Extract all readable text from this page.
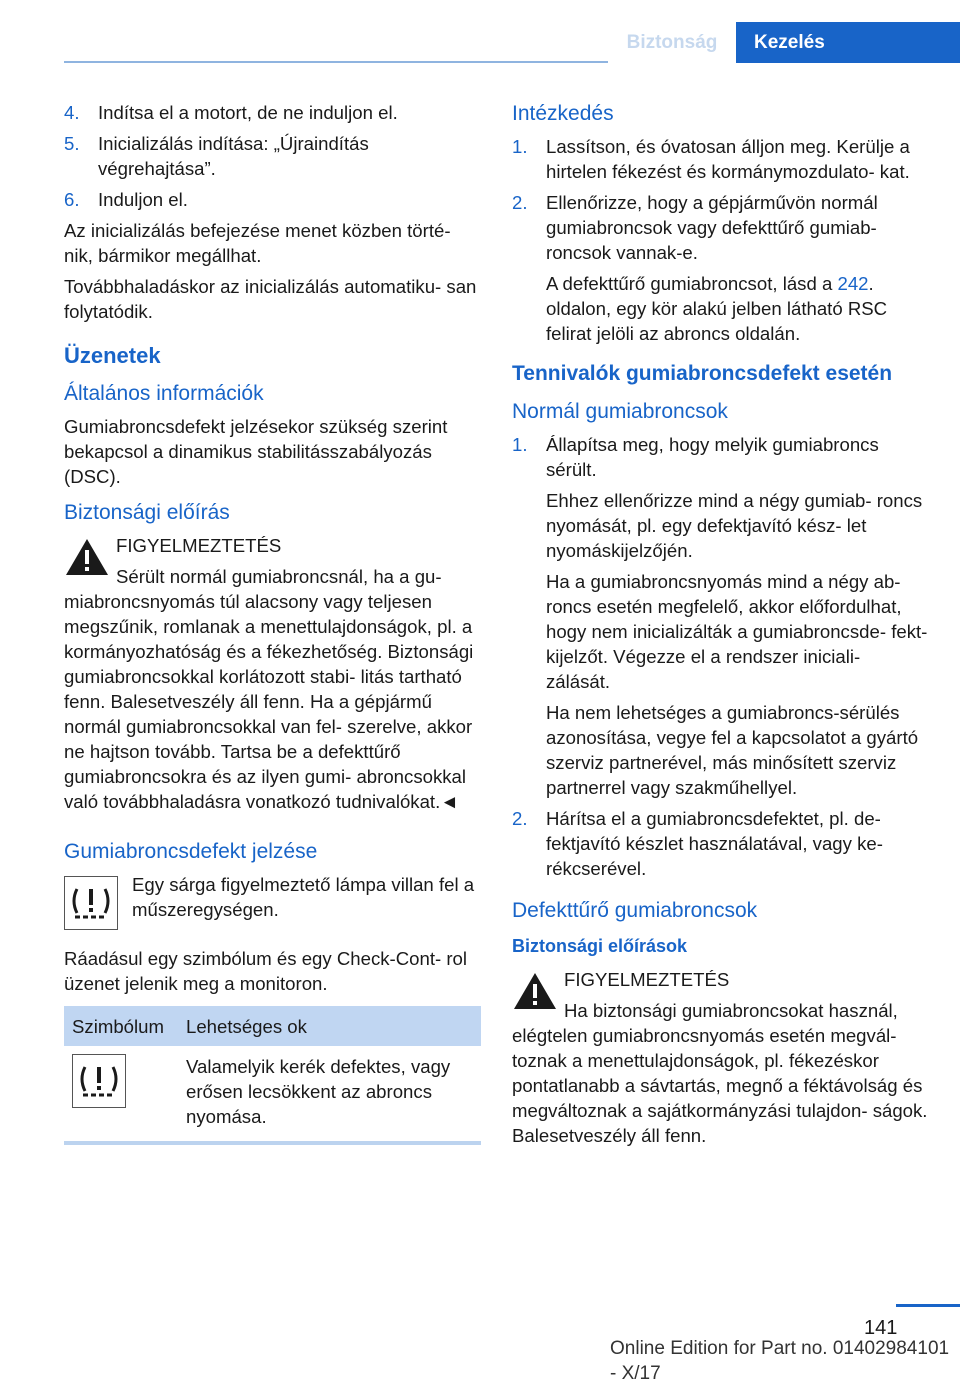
Biztonság	Kezelés
4. Indítsa el a motort, de ne induljon el.
5. Inicializálás indítása: „Újraindítás végrehajtása”.
6. Induljon el.

Az inicializálás befejezése menet közben törté‐ nik, bármikor megállhat.

Továbbhaladáskor az inicializálás automatiku‐ san folytatódik.

Üzenetek
Általános információk

Gumiabroncsdefekt jelzésekor szükség szerint bekapcsol a dinamikus stabilitásszabályozás (DSC).

Biztonsági előírás
FIGYELMEZTETÉS

Sérült normál gumiabroncsnál, ha a gu‐
miabroncsnyomás túl alacsony vagy teljesen megszűnik, romlanak a menettulajdonságok, pl. a kormányozhatóság és a fékezhetőség. Biztonsági gumiabroncsokkal korlátozott stabi‐ litás tartható fenn. Balesetveszély áll fenn. Ha a gépjármű normál gumiabroncsokkal van fel‐ szerelve, akkor ne hajtson tovább. Tartsa be a defekttűrő gumiabroncsokra és az ilyen gumi‐ abroncsokkal való továbbhaladásra vonatkozó tudnivalókat.◄

Gumiabroncsdefekt jelzése
Egy sárga figyelmeztető lámpa villan fel a műszeregységen.

Ráadásul egy szimbólum és egy Check-Cont‐ rol üzenet jelenik meg a monitoron.

Szimbólum	Lehetséges ok

	Valamelyik kerék defektes, vagy erősen lecsökkent az abroncs nyomása.
Intézkedés
1. Lassítson, és óvatosan álljon meg. Kerülje a hirtelen fékezést és kormánymozdulato‐ kat.
2. Ellenőrizze, hogy a gépjárművön normál gumiabroncsok vagy defekttűrő gumiab‐ roncsok vannak-e.
A defekttűrő gumiabroncsot, lásd a 242. oldalon, egy kör alakú jelben látható RSC felirat jelöli az abroncs oldalán.
Tennivalók gumiabroncsdefekt esetén
Normál gumiabroncsok
1. Állapítsa meg, hogy melyik gumiabroncs sérült.
Ehhez ellenőrizze mind a négy gumiab‐ roncs nyomását, pl. egy defektjavító kész‐ let nyomáskijelzőjén.
Ha a gumiabroncsnyomás mind a négy ab‐ roncs esetén megfelelő, akkor előfordulhat, hogy nem inicializálták a gumiabroncsde‐ fekt-kijelzőt. Végezze el a rendszer iniciali‐ zálását.
Ha nem lehetséges a gumiabroncs-sérülés azonosítása, vegye fel a kapcsolatot a gyártó szerviz partnerével, más minősített szerviz partnerrel vagy szakműhellyel.
2. Hárítsa el a gumiabroncsdefektet, pl. de‐ fektjavító készlet használatával, vagy ke‐ rékcserével.
Defekttűrő gumiabroncsok
Biztonsági előírások
FIGYELMEZTETÉS

Ha biztonsági gumiabroncsokat használ,
elégtelen gumiabroncsnyomás esetén megvál‐ toznak a menettulajdonságok, pl. fékezéskor pontatlanabb a sávtartás, megnő a féktávolság és megváltoznak a sajátkormányzási tulajdon‐ ságok. Balesetveszély áll fenn.

141
Online Edition for Part no. 01402984101 - X/17
